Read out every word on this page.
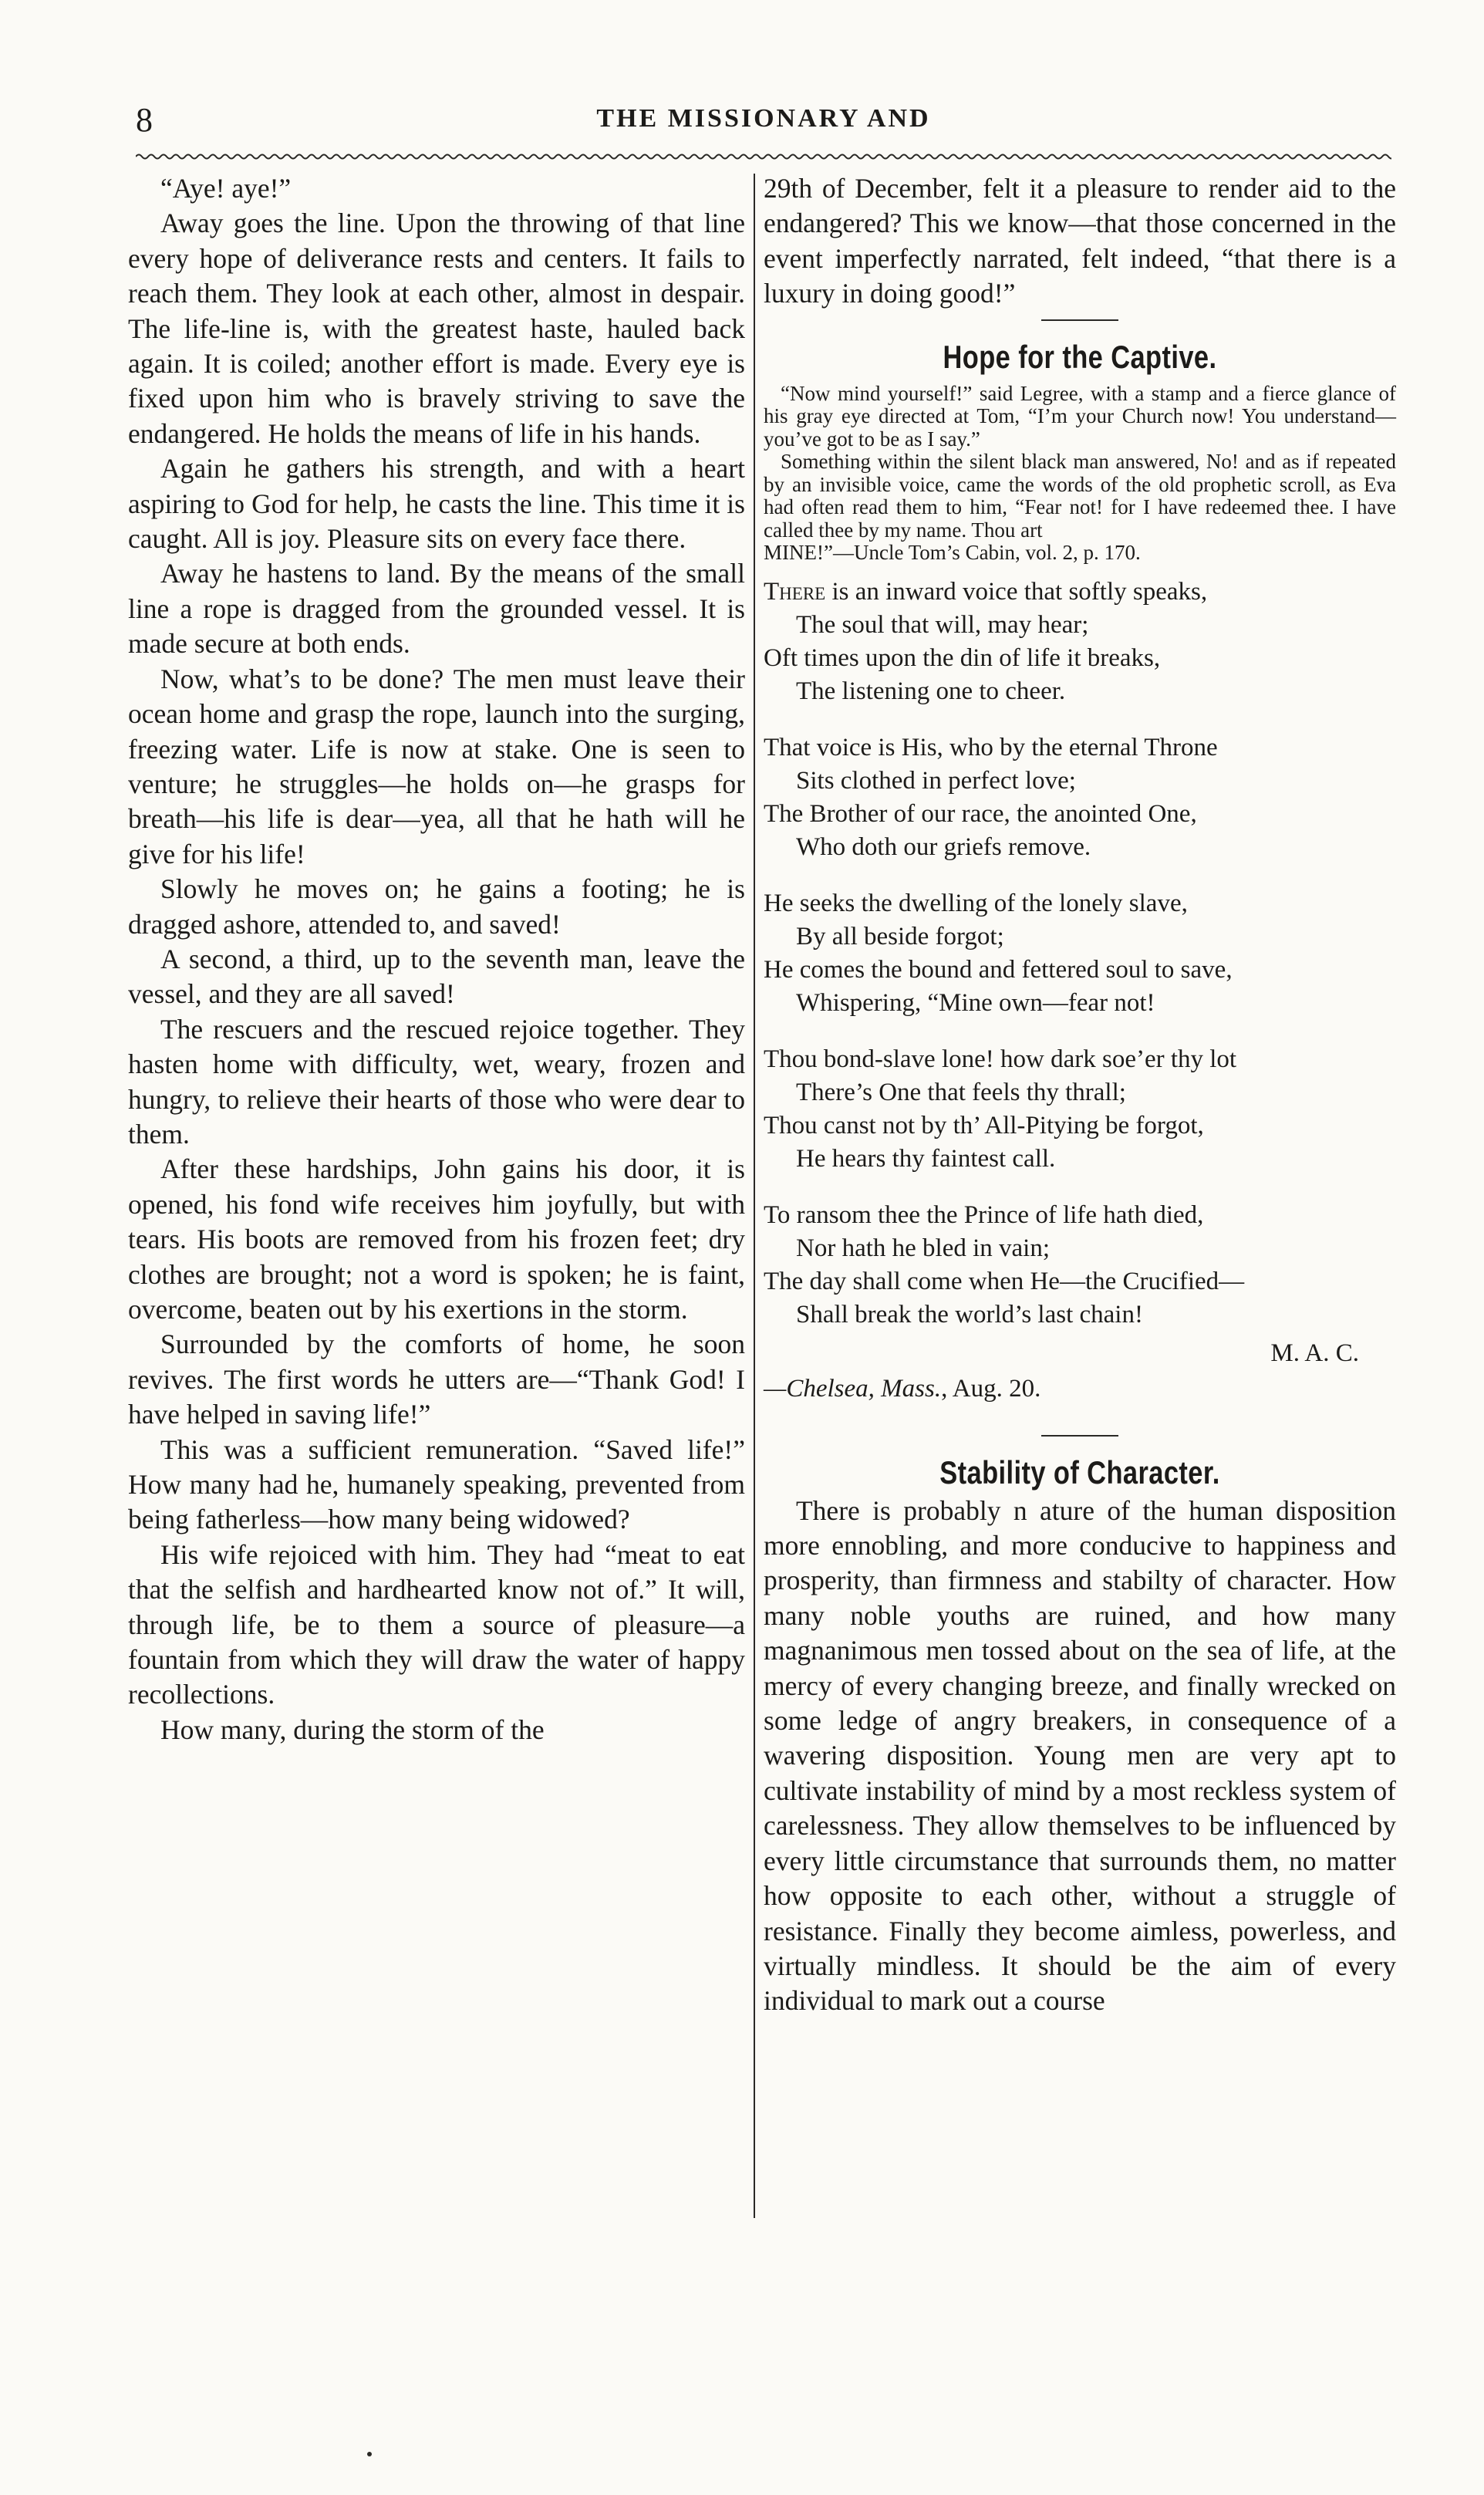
8	THE MISSIONARY AND

“Aye! aye!”

Away goes the line. Upon the throwing of that line every hope of deliverance rests and centers. It fails to reach them. They look at each other, almost in despair. The life-line is, with the greatest haste, hauled back again. It is coiled; another effort is made. Every eye is fixed upon him who is bravely striving to save the endangered. He holds the means of life in his hands.

Again he gathers his strength, and with a heart aspiring to God for help, he casts the line. This time it is caught. All is joy. Pleasure sits on every face there.

Away he hastens to land. By the means of the small line a rope is dragged from the grounded vessel. It is made secure at both ends.

Now, what’s to be done? The men must leave their ocean home and grasp the rope, launch into the surging, freezing water. Life is now at stake. One is seen to venture; he struggles—he holds on—he grasps for breath—his life is dear—yea, all that he hath will he give for his life!

Slowly he moves on; he gains a footing; he is dragged ashore, attended to, and saved!

A second, a third, up to the seventh man, leave the vessel, and they are all saved!

The rescuers and the rescued rejoice together. They hasten home with difficulty, wet, weary, frozen and hungry, to relieve their hearts of those who were dear to them.

After these hardships, John gains his door, it is opened, his fond wife receives him joyfully, but with tears. His boots are removed from his frozen feet; dry clothes are brought; not a word is spoken; he is faint, overcome, beaten out by his exertions in the storm.

Surrounded by the comforts of home, he soon revives. The first words he utters are—“Thank God! I have helped in saving life!”

This was a sufficient remuneration. “Saved life!” How many had he, humanely speaking, prevented from being fatherless—how many being widowed?

His wife rejoiced with him. They had “meat to eat that the selfish and hardhearted know not of.” It will, through life, be to them a source of pleasure—a fountain from which they will draw the water of happy recollections.

How many, during the storm of the

29th of December, felt it a pleasure to render aid to the endangered? This we know—that those concerned in the event imperfectly narrated, felt indeed, “that there is a luxury in doing good!”

Hope for the Captive.

“Now mind yourself!” said Legree, with a stamp and a fierce glance of his gray eye directed at Tom, “I’m your Church now! You understand—you’ve got to be as I say.”

Something within the silent black man answered, No! and as if repeated by an invisible voice, came the words of the old prophetic scroll, as Eva had often read them to him, “Fear not! for I have redeemed thee. I have called thee by my name. Thou art

MINE!”—Uncle Tom’s Cabin, vol. 2, p. 170.

There is an inward voice that softly speaks,
The soul that will, may hear;
Oft times upon the din of life it breaks,
The listening one to cheer.
That voice is His, who by the eternal Throne
Sits clothed in perfect love;
The Brother of our race, the anointed One,
Who doth our griefs remove.
He seeks the dwelling of the lonely slave,
By all beside forgot;
He comes the bound and fettered soul to save,
Whispering, “Mine own—fear not!
Thou bond-slave lone! how dark soe’er thy lot
There’s One that feels thy thrall;
Thou canst not by th’ All-Pitying be forgot,
He hears thy faintest call.
To ransom thee the Prince of life hath died,
Nor hath he bled in vain;
The day shall come when He—the Crucified—
Shall break the world’s last chain!
M. A. C.
—Chelsea, Mass., Aug. 20.
Stability of Character.

There is probably n ature of the human disposition more ennobling, and more conducive to happiness and prosperity, than firmness and stabilty of character. How many noble youths are ruined, and how many magnanimous men tossed about on the sea of life, at the mercy of every changing breeze, and finally wrecked on some ledge of angry breakers, in consequence of a wavering disposition. Young men are very apt to cultivate instability of mind by a most reckless system of carelessness. They allow themselves to be influenced by every little circumstance that surrounds them, no matter how opposite to each other, without a struggle of resistance. Finally they become aimless, powerless, and virtually mindless. It should be the aim of every individual to mark out a course
